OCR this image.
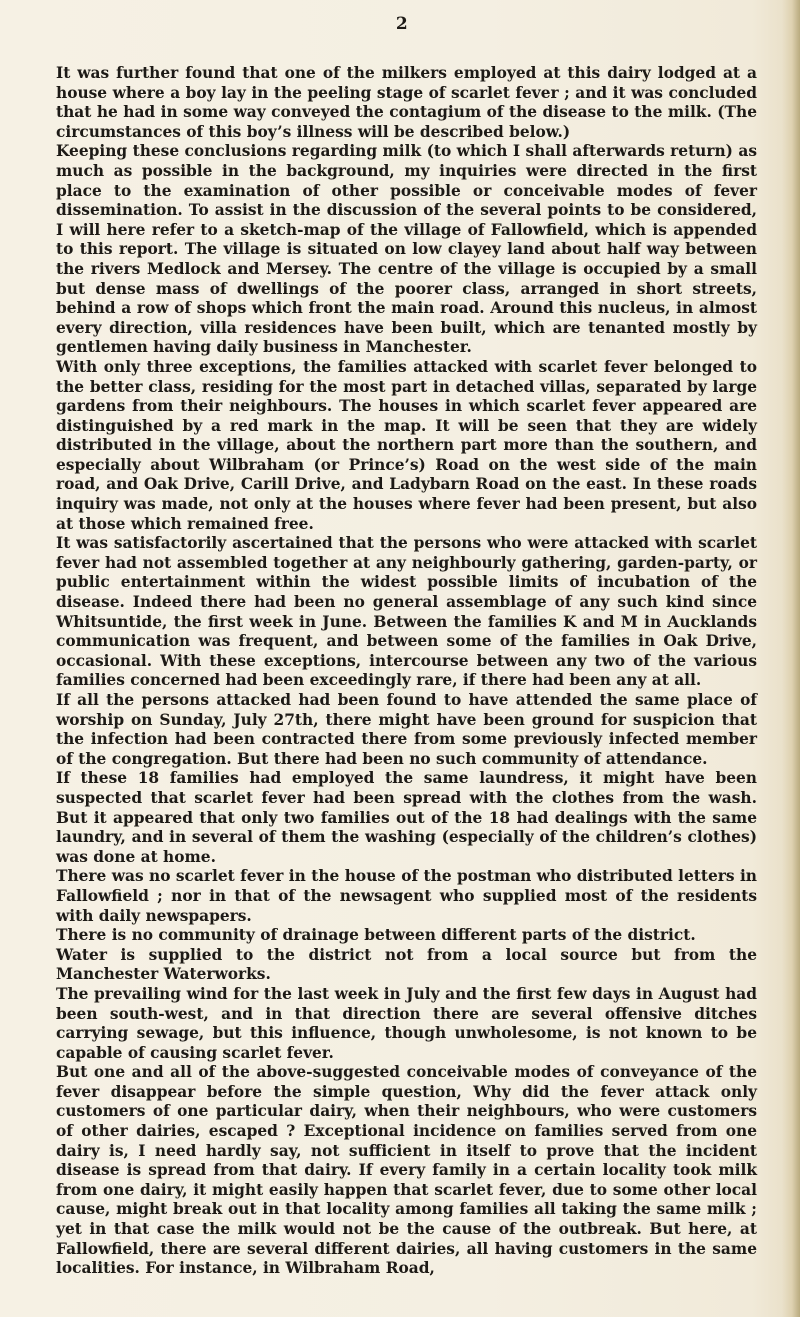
2

It was further found that one of the milkers employed at this dairy lodged at a house where a boy lay in the peeling stage of scarlet fever ; and it was concluded that he had in some way conveyed the contagium of the disease to the milk. (The circumstances of this boy’s illness will be described below.)

Keeping these conclusions regarding milk (to which I shall afterwards return) as much as possible in the background, my inquiries were directed in the first place to the examination of other possible or conceivable modes of fever dissemination. To assist in the discussion of the several points to be considered, I will here refer to a sketch-map of the village of Fallowfield, which is appended to this report. The village is situated on low clayey land about half way between the rivers Medlock and Mersey. The centre of the village is occupied by a small but dense mass of dwellings of the poorer class, arranged in short streets, behind a row of shops which front the main road. Around this nucleus, in almost every direction, villa residences have been built, which are tenanted mostly by gentlemen having daily business in Manchester.

With only three exceptions, the families attacked with scarlet fever belonged to the better class, residing for the most part in detached villas, separated by large gardens from their neighbours. The houses in which scarlet fever appeared are distinguished by a red mark in the map. It will be seen that they are widely distributed in the village, about the northern part more than the southern, and especially about Wilbraham (or Prince’s) Road on the west side of the main road, and Oak Drive, Carill Drive, and Ladybarn Road on the east. In these roads inquiry was made, not only at the houses where fever had been present, but also at those which remained free.

It was satisfactorily ascertained that the persons who were attacked with scarlet fever had not assembled together at any neighbourly gathering, garden-party, or public entertainment within the widest possible limits of incubation of the disease. Indeed there had been no general assemblage of any such kind since Whitsuntide, the first week in June. Between the families K and M in Aucklands communication was frequent, and between some of the families in Oak Drive, occasional. With these exceptions, intercourse between any two of the various families concerned had been exceedingly rare, if there had been any at all.

If all the persons attacked had been found to have attended the same place of worship on Sunday, July 27th, there might have been ground for suspicion that the infection had been contracted there from some previously infected member of the congregation. But there had been no such community of attendance.

If these 18 families had employed the same laundress, it might have been suspected that scarlet fever had been spread with the clothes from the wash. But it appeared that only two families out of the 18 had dealings with the same laundry, and in several of them the washing (especially of the children’s clothes) was done at home.

There was no scarlet fever in the house of the postman who distributed letters in Fallowfield ; nor in that of the newsagent who supplied most of the residents with daily newspapers.

There is no community of drainage between different parts of the district.

Water is supplied to the district not from a local source but from the Manchester Waterworks.

The prevailing wind for the last week in July and the first few days in August had been south-west, and in that direction there are several offensive ditches carrying sewage, but this influence, though unwholesome, is not known to be capable of causing scarlet fever.

But one and all of the above-suggested conceivable modes of conveyance of the fever disappear before the simple question, Why did the fever attack only customers of one particular dairy, when their neighbours, who were customers of other dairies, escaped ? Exceptional incidence on families served from one dairy is, I need hardly say, not sufficient in itself to prove that the incident disease is spread from that dairy. If every family in a certain locality took milk from one dairy, it might easily happen that scarlet fever, due to some other local cause, might break out in that locality among families all taking the same milk ; yet in that case the milk would not be the cause of the outbreak. But here, at Fallowfield, there are several different dairies, all having customers in the same localities. For instance, in Wilbraham Road,
